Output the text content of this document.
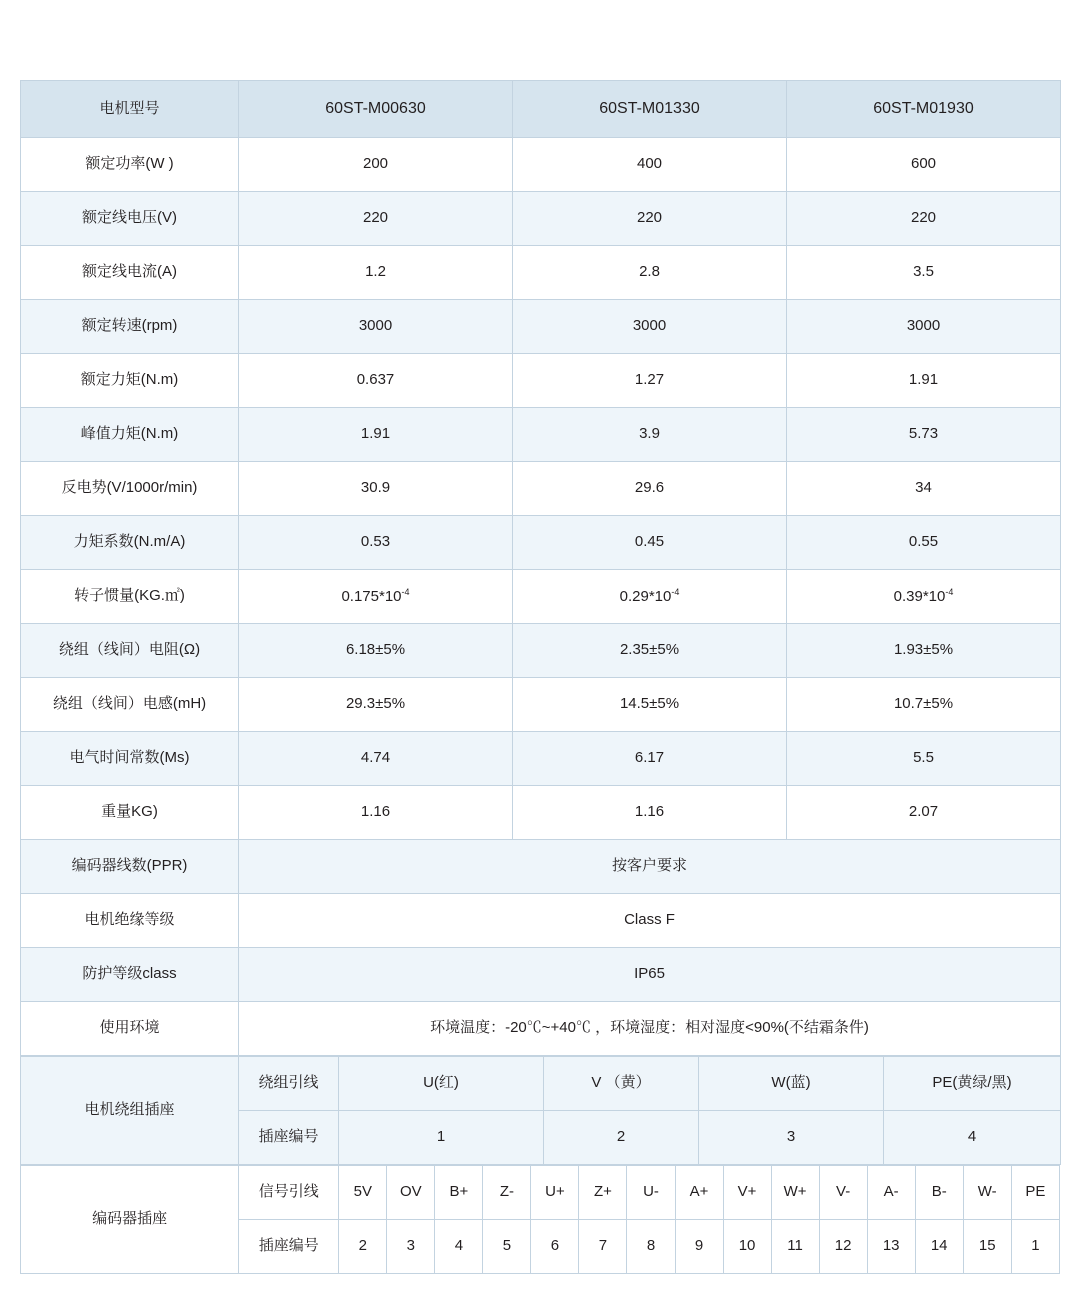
电机型号	60ST-M00630	60ST-M01330	60ST-M01930
额定功率(W )	200	400	600
额定线电压(V)	220	220	220
额定线电流(A)	1.2	2.8	3.5
额定转速(rpm)	3000	3000	3000
额定力矩(N.m)	0.637	1.27	1.91
峰值力矩(N.m)	1.91	3.9	5.73
反电势(V/1000r/min)	30.9	29.6	34
力矩系数(N.m/A)	0.53	0.45	0.55
转子惯量(KG.㎡)	$0.175*10^{-4}$	$0.29*10^{-4}$	$0.39*10^{-4}$
绕组（线间）电阻(Ω)	6.18±5%	2.35±5%	1.93±5%
绕组（线间）电感(mH)	29.3±5%	14.5±5%	10.7±5%
电气时间常数(Ms)	4.74	6.17	5.5
重量KG)	1.16	1.16	2.07
编码器线数(PPR)	按客户要求		
电机绝缘等级	Class F		
防护等级class	IP65		
使用环境	环境温度：-20℃~+40℃ ，环境湿度：相对湿度<90%(不结霜条件)		
电机绕组插座	绕组引线	U(红)	V （黄）	W(蓝)	PE(黄绿/黑)
	插座编号	1	2	3	4
编码器插座	信号引线	5V	OV	B+	Z-	U+	Z+	U-	A+	V+	W+	V-	A-	B-	W-	PE
	插座编号	2	3	4	5	6	7	8	9	10	11	12	13	14	15	1
